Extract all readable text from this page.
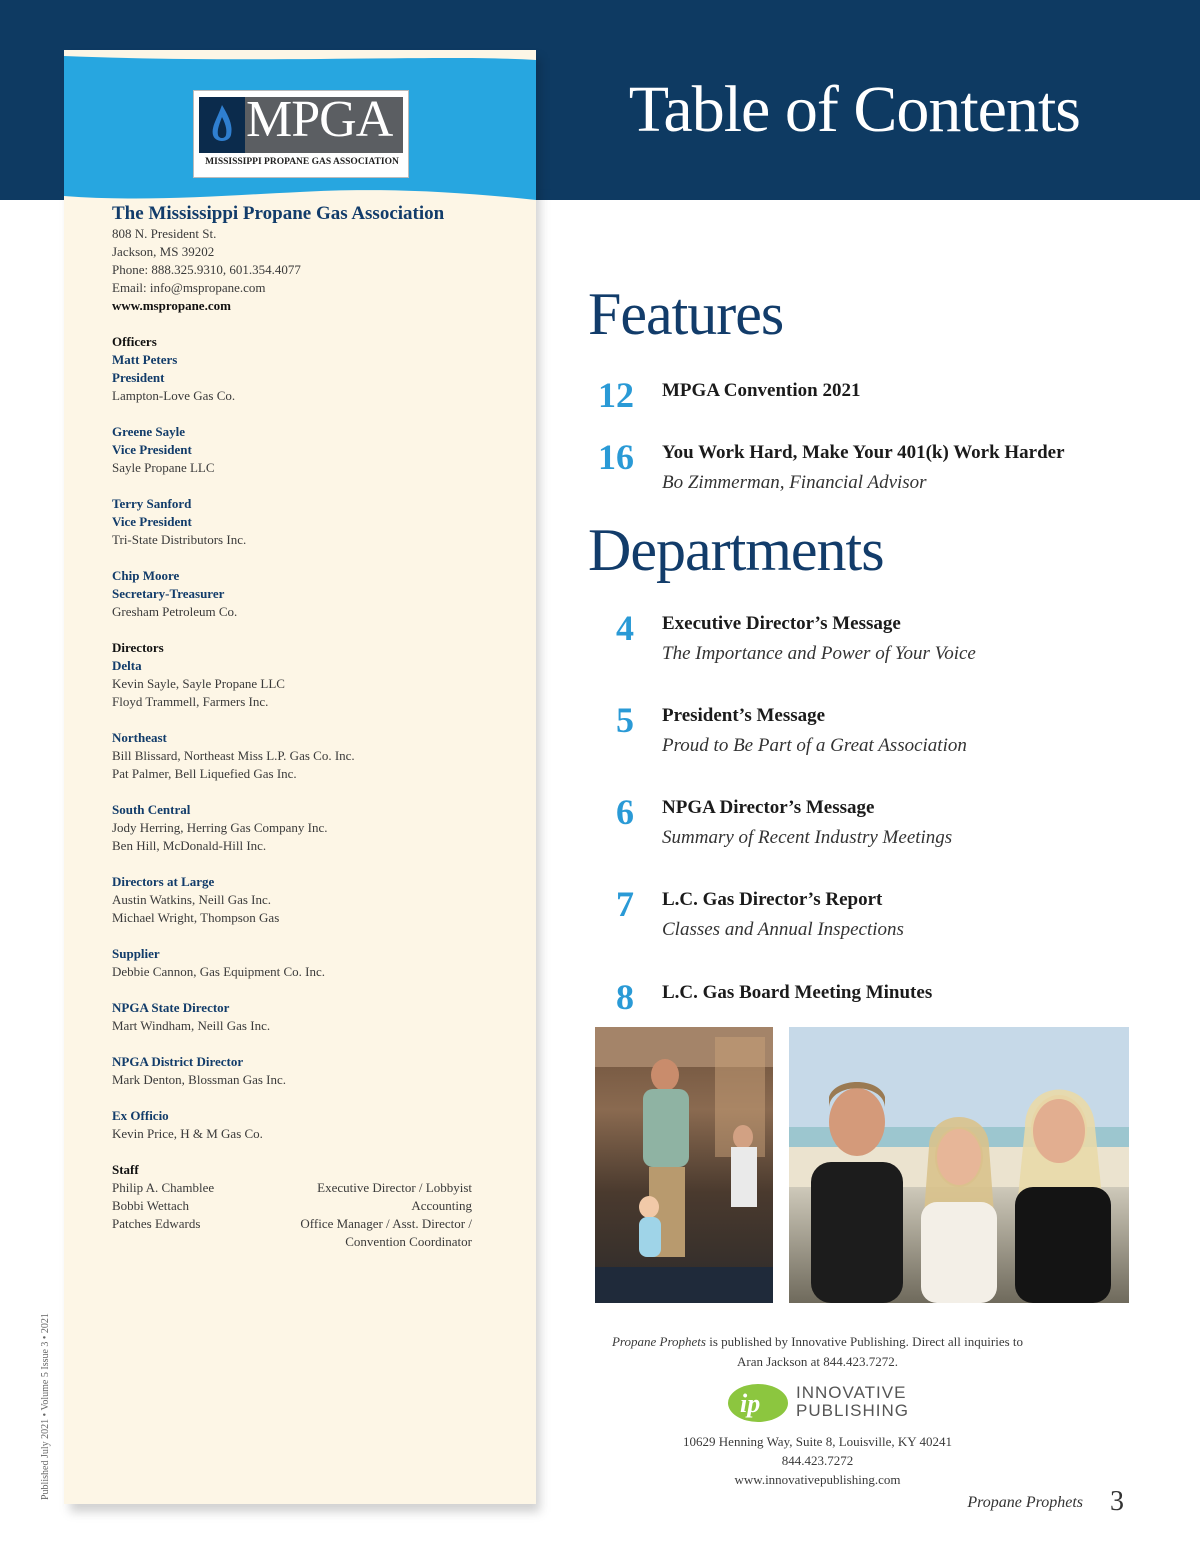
Table of Contents
MPGA
MISSISSIPPI PROPANE GAS ASSOCIATION
The Mississippi Propane Gas Association
808 N. President St.
Jackson, MS 39202
Phone: 888.325.9310, 601.354.4077
Email: info@mspropane.com
www.mspropane.com
Officers
Matt Peters
President
Lampton-Love Gas Co.
Greene Sayle
Vice President
Sayle Propane LLC
Terry Sanford
Vice President
Tri-State Distributors Inc.
Chip Moore
Secretary-Treasurer
Gresham Petroleum Co.
Directors
Delta
Kevin Sayle, Sayle Propane LLC
Floyd Trammell, Farmers Inc.
Northeast
Bill Blissard, Northeast Miss L.P. Gas Co. Inc.
Pat Palmer, Bell Liquefied Gas Inc.
South Central
Jody Herring, Herring Gas Company Inc.
Ben Hill, McDonald-Hill Inc.
Directors at Large
Austin Watkins, Neill Gas Inc.
Michael Wright, Thompson Gas
Supplier
Debbie Cannon, Gas Equipment Co. Inc.
NPGA State Director
Mart Windham, Neill Gas Inc.
NPGA District Director
Mark Denton, Blossman Gas Inc.
Ex Officio
Kevin Price, H & M Gas Co.
Staff
Philip A. Chamblee	Executive Director / Lobbyist
Bobbi Wettach	Accounting
Patches Edwards	Office Manager / Asst. Director /
Convention Coordinator
Published July 2021 • Volume 5 Issue 3 • 2021
Features
12 MPGA Convention 2021
16 You Work Hard, Make Your 401(k) Work Harder
Bo Zimmerman, Financial Advisor
Departments
4 Executive Director’s Message
The Importance and Power of Your Voice
5 President’s Message
Proud to Be Part of a Great Association
6 NPGA Director’s Message
Summary of Recent Industry Meetings
7 L.C. Gas Director’s Report
Classes and Annual Inspections
8 L.C. Gas Board Meeting Minutes
Propane Prophets is published by Innovative Publishing. Direct all inquiries to
Aran Jackson at 844.423.7272.
ip INNOVATIVE
PUBLISHING
10629 Henning Way, Suite 8, Louisville, KY 40241
844.423.7272
www.innovativepublishing.com
Propane Prophets 3
